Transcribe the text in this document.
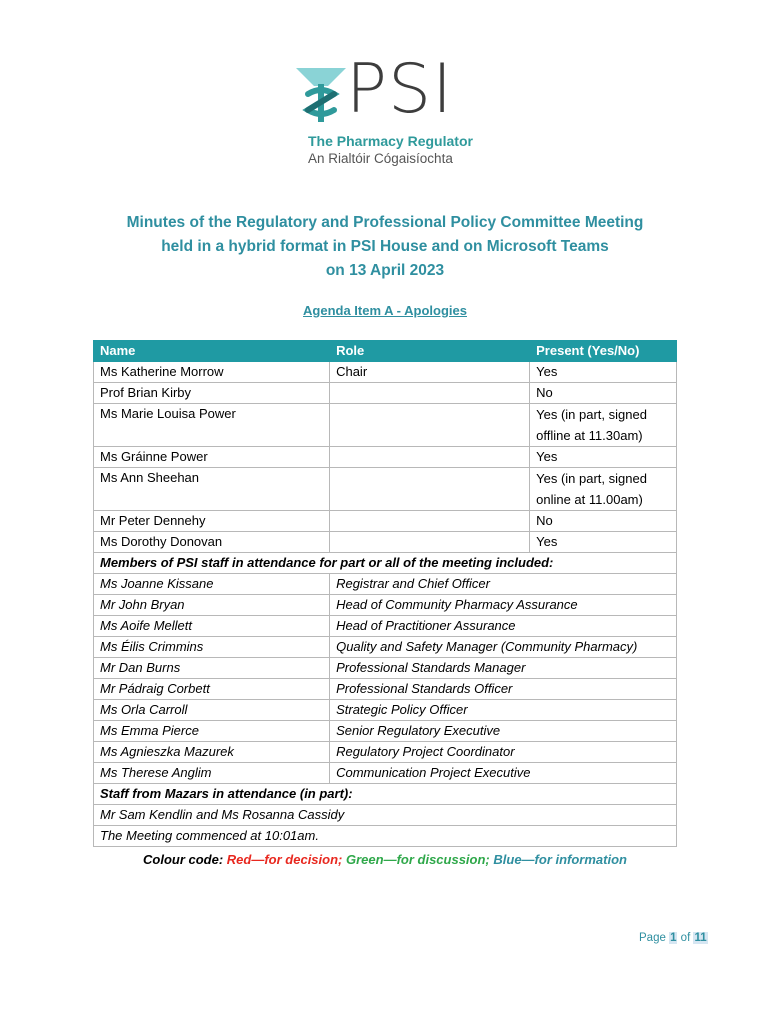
PSI
The Pharmacy Regulator
An Rialtóir Cógaisíochta
Minutes of the Regulatory and Professional Policy Committee Meeting
held in a hybrid format in PSI House and on Microsoft Teams
on 13 April 2023
Agenda Item A - Apologies
Name	Role	Present (Yes/No)
Ms Katherine Morrow	Chair	Yes
Prof Brian Kirby		No
Ms Marie Louisa Power		Yes (in part, signed
offline at 11.30am)
Ms Gráinne Power		Yes
Ms Ann Sheehan		Yes (in part, signed
online at 11.00am)
Mr Peter Dennehy		No
Ms Dorothy Donovan		Yes
Members of PSI staff in attendance for part or all of the meeting included:		
Ms Joanne Kissane	Registrar and Chief Officer	
Mr John Bryan	Head of Community Pharmacy Assurance	
Ms Aoife Mellett	Head of Practitioner Assurance	
Ms Éilis Crimmins	Quality and Safety Manager (Community Pharmacy)	
Mr Dan Burns	Professional Standards Manager	
Mr Pádraig Corbett	Professional Standards Officer	
Ms Orla Carroll	Strategic Policy Officer	
Ms Emma Pierce	Senior Regulatory Executive	
Ms Agnieszka Mazurek	Regulatory Project Coordinator	
Ms Therese Anglim	Communication Project Executive	
Staff from Mazars in attendance (in part):		
Mr Sam Kendlin and Ms Rosanna Cassidy		
The Meeting commenced at 10:01am.		
Colour code: Red—for decision; Green—for discussion; Blue—for information
Page 1 of 11
